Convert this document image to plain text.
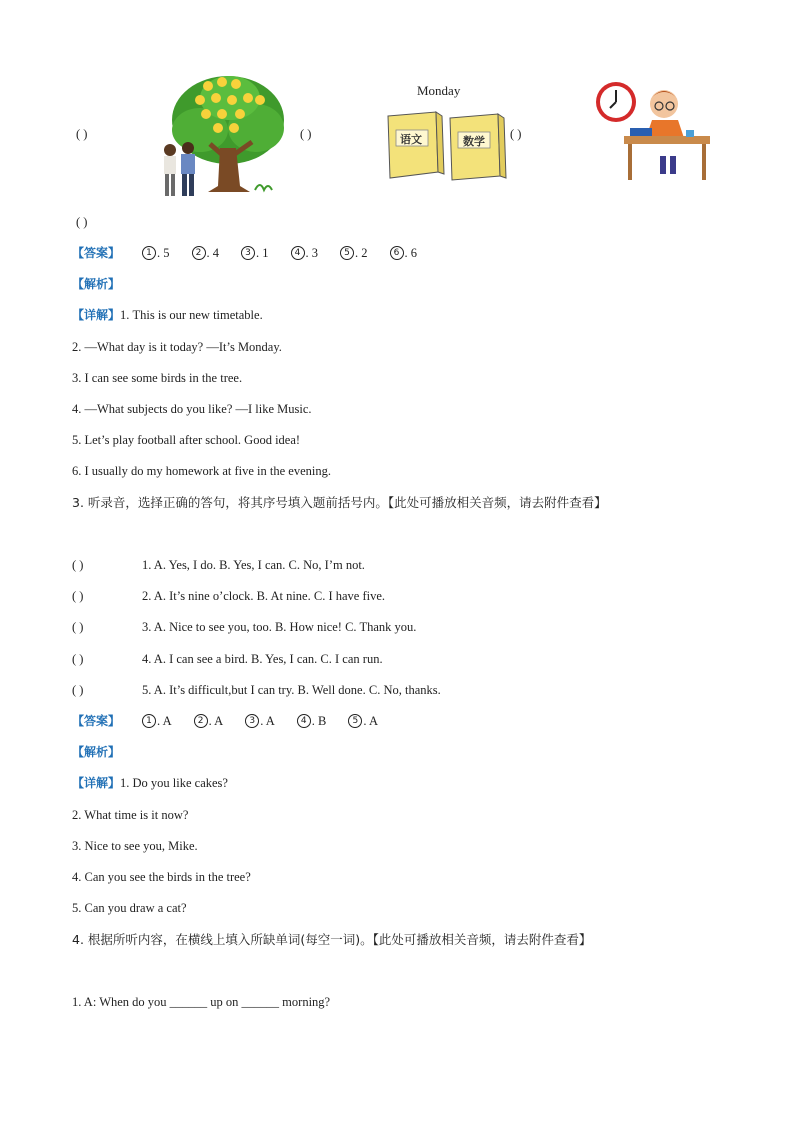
( )	( )
Monday
语文	数学
( )
( )
【答案】	1 . 5	2 . 4	3 . 1	4 . 3	5 . 2	6 . 6
【解析】
【详解】1. This is our new timetable.
2. —What day is it today? —It’s Monday.
3. I can see some birds in the tree.
4. —What subjects do you like? —I like Music.
5. Let’s play football after school. Good idea!
6. I usually do my homework at five in the evening.
3. 听录音，选择正确的答句，将其序号填入题前括号内。【此处可播放相关音频，请去附件查看】
( )	1. A. Yes, I do. B. Yes, I can. C. No, I’m not.
( )	2. A. It’s nine o’clock. B. At nine. C. I have five.
( )	3. A. Nice to see you, too. B. How nice! C. Thank you.
( )	4. A. I can see a bird. B. Yes, I can. C. I can run.
( )	5. A. It’s difficult,but I can try. B. Well done. C. No, thanks.
【答案】	1 . A	2 . A	3 . A	4 . B	5 . A
【解析】
【详解】1. Do you like cakes?
2. What time is it now?
3. Nice to see you, Mike.
4. Can you see the birds in the tree?
5. Can you draw a cat?
4. 根据所听内容，在横线上填入所缺单词(每空一词)。【此处可播放相关音频，请去附件查看】
1. A: When do you ______ up on ______ morning?
